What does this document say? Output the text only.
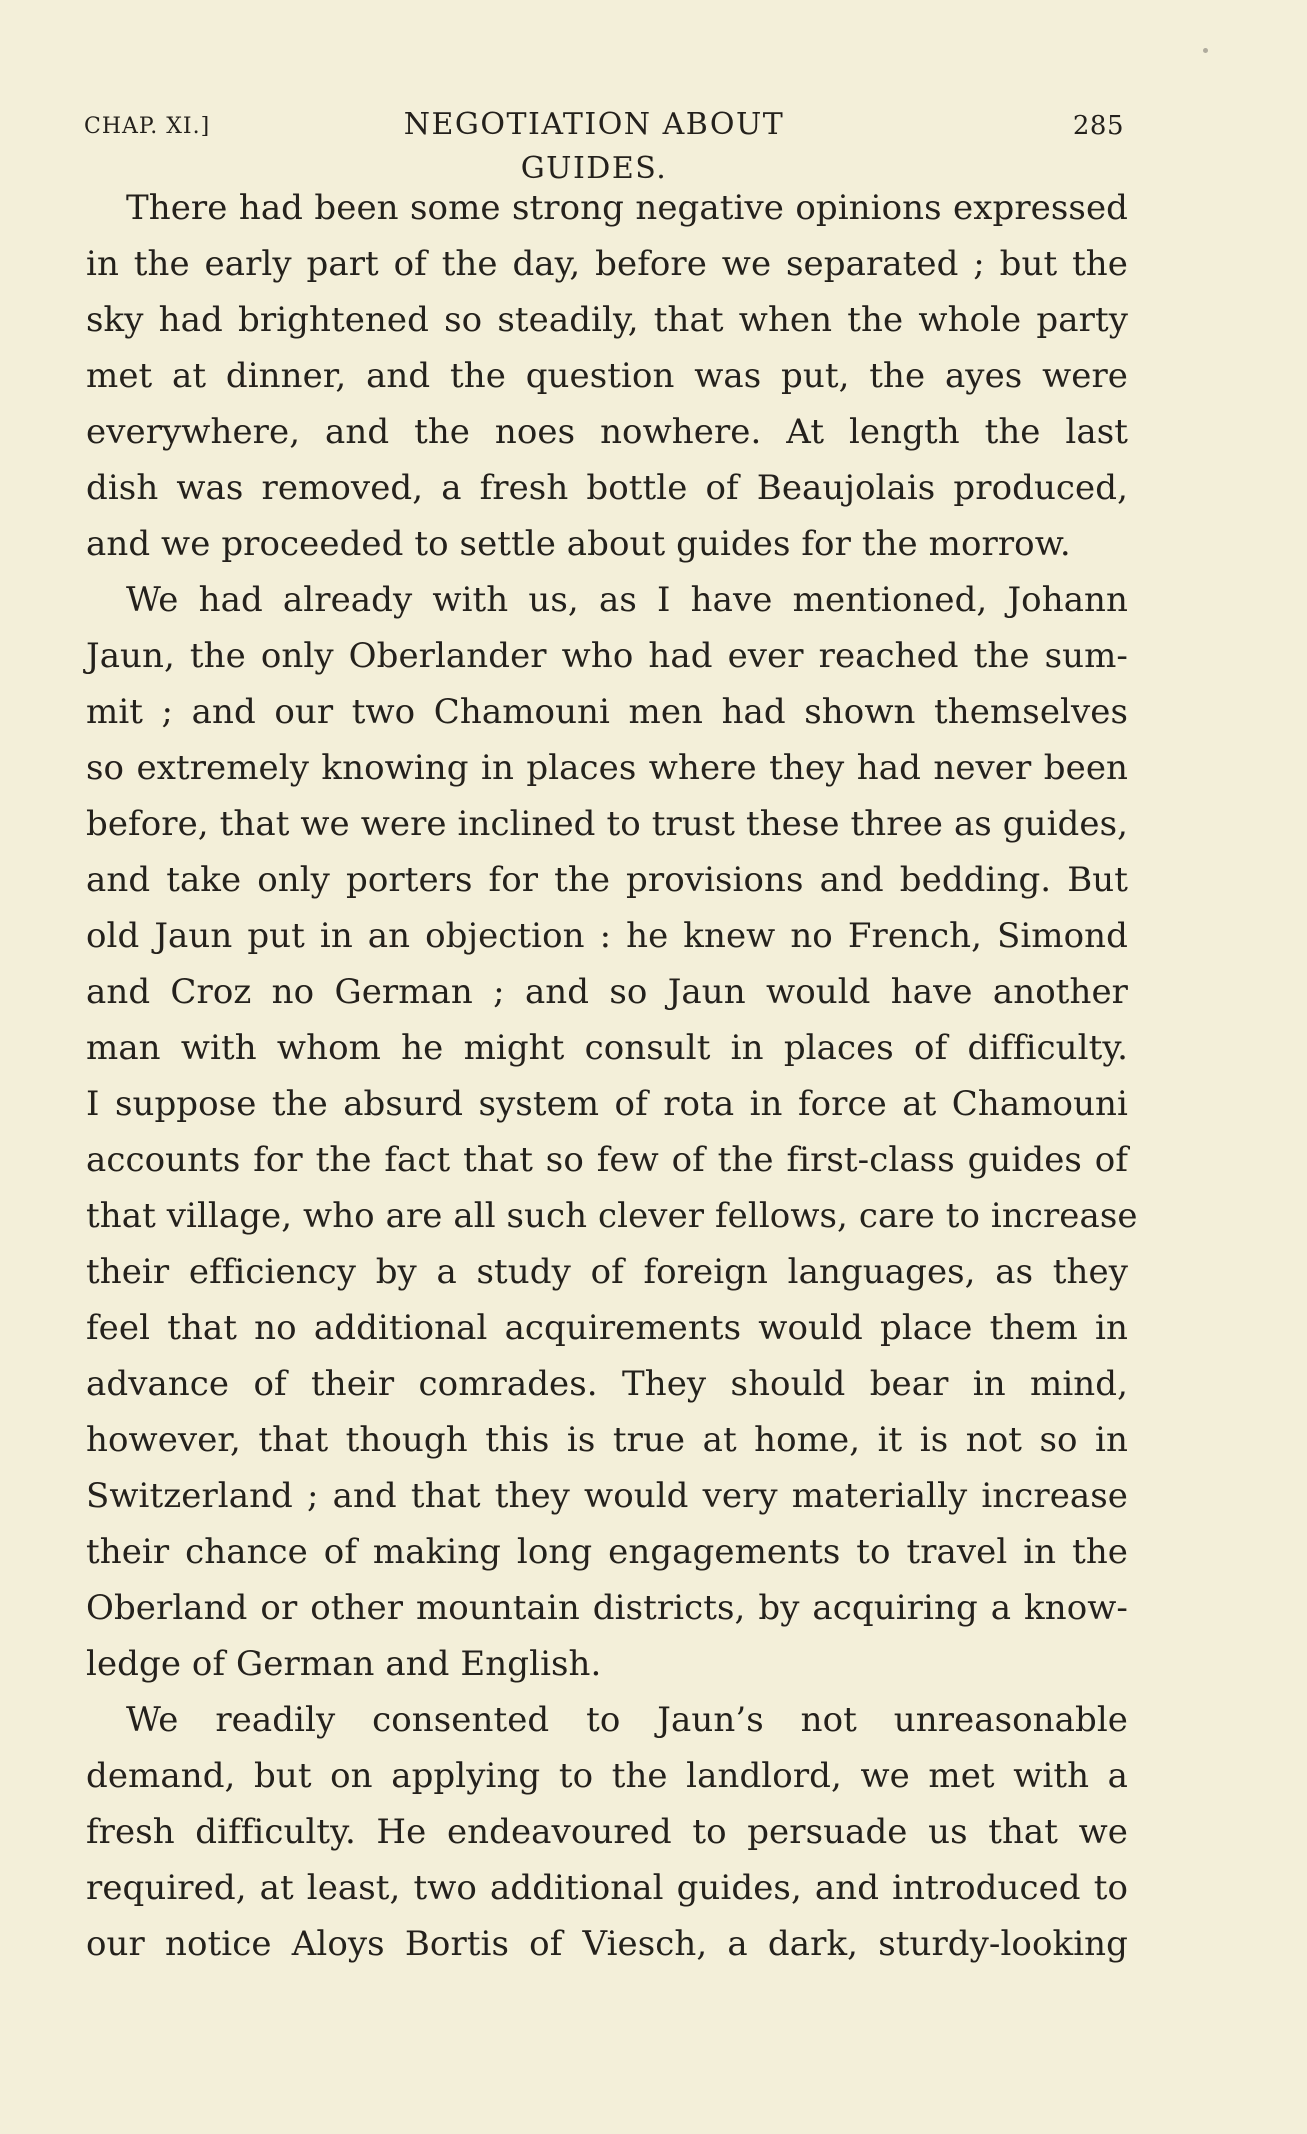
CHAP. XI.]	NEGOTIATION ABOUT GUIDES.
285
There had been some strong negative opinions expressed
in the early part of the day, before we separated ; but the
sky had brightened so steadily, that when the whole party
met at dinner, and the question was put, the ayes were
everywhere, and the noes nowhere. At length the last
dish was removed, a fresh bottle of Beaujolais produced,
and we proceeded to settle about guides for the morrow.
We had already with us, as I have mentioned, Johann
Jaun, the only Oberlander who had ever reached the sum-
mit ; and our two Chamouni men had shown themselves
so extremely knowing in places where they had never been
before, that we were inclined to trust these three as guides,
and take only porters for the provisions and bedding. But
old Jaun put in an objection : he knew no French, Simond
and Croz no German ; and so Jaun would have another
man with whom he might consult in places of difficulty.
I suppose the absurd system of rota in force at Chamouni
accounts for the fact that so few of the first-class guides of
that village, who are all such clever fellows, care to increase
their efficiency by a study of foreign languages, as they
feel that no additional acquirements would place them in
advance of their comrades. They should bear in mind,
however, that though this is true at home, it is not so in
Switzerland ; and that they would very materially increase
their chance of making long engagements to travel in the
Oberland or other mountain districts, by acquiring a know-
ledge of German and English.
We readily consented to Jaun’s not unreasonable
demand, but on applying to the landlord, we met with a
fresh difficulty. He endeavoured to persuade us that we
required, at least, two additional guides, and introduced to
our notice Aloys Bortis of Viesch, a dark, sturdy-looking
